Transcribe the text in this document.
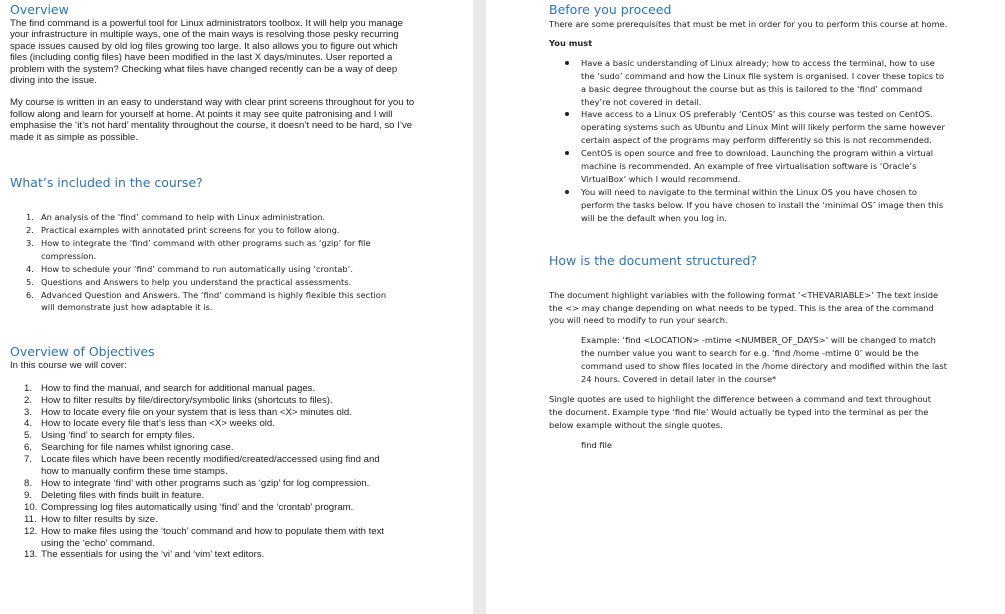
Overview

The find command is a powerful tool for Linux administrators toolbox. It will help you manage your infrastructure in multiple ways, one of the main ways is resolving those pesky recurring space issues caused by old log files growing too large. It also allows you to figure out which files (including config files) have been modified in the last X days/minutes. User reported a problem with the system? Checking what files have changed recently can be a way of deep diving into the issue.

My course is written in an easy to understand way with clear print screens throughout for you to follow along and learn for yourself at home. At points it may see quite patronising and I will emphasise the ‘it’s not hard’ mentality throughout the course, it doesn’t need to be hard, so I’ve made it as simple as possible.

What’s included in the course?
1. An analysis of the ‘find’ command to help with Linux administration.
2. Practical examples with annotated print screens for you to follow along.
3. How to integrate the ‘find’ command with other programs such as ‘gzip’ for file compression.
4. How to schedule your ‘find’ command to run automatically using ‘crontab’.
5. Questions and Answers to help you understand the practical assessments.
6. Advanced Question and Answers. The ‘find’ command is highly flexible this section will demonstrate just how adaptable it is.
Overview of Objectives

In this course we will cover:

1. How to find the manual, and search for additional manual pages.
2. How to filter results by file/directory/symbolic links (shortcuts to files).
3. How to locate every file on your system that is less than <X> minutes old.
4. How to locate every file that’s less than <X> weeks old.
5. Using ‘find’ to search for empty files.
6. Searching for file names whilst ignoring case.
7. Locate files which have been recently modified/created/accessed using find and how to manually confirm these time stamps.
8. How to integrate ‘find’ with other programs such as ‘gzip’ for log compression.
9. Deleting files with finds built in feature.
10. Compressing log files automatically using ‘find’ and the ‘crontab’ program.
11. How to filter results by size.
12. How to make files using the ‘touch’ command and how to populate them with text using the ‘echo’ command.
13. The essentials for using the ‘vi’ and ‘vim’ text editors.
Before you proceed

There are some prerequisites that must be met in order for you to perform this course at home.

You must

Have a basic understanding of Linux already; how to access the terminal, how to use the ‘sudo’ command and how the Linux file system is organised. I cover these topics to a basic degree throughout the course but as this is tailored to the ‘find’ command they’re not covered in detail.
Have access to a Linux OS preferably ‘CentOS’ as this course was tested on CentOS. operating systems such as Ubuntu and Linux Mint will likely perform the same however certain aspect of the programs may perform differently so this is not recommended.
CentOS is open source and free to download. Launching the program within a virtual machine is recommended. An example of free virtualisation software is ‘Oracle’s VirtualBox’ which I would recommend.
You will need to navigate to the terminal within the Linux OS you have chosen to perform the tasks below. If you have chosen to install the ‘minimal OS’ image then this will be the default when you log in.
How is the document structured?

The document highlight variables with the following format ‘<THEVARIABLE>’ The text inside the <> may change depending on what needs to be typed. This is the area of the command you will need to modify to run your search.

Example: ‘find <LOCATION> -mtime <NUMBER_OF_DAYS>’ will be changed to match the number value you want to search for e.g. ‘find /home -mtime 0’ would be the command used to show files located in the /home directory and modified within the last 24 hours. Covered in detail later in the course*

Single quotes are used to highlight the difference between a command and text throughout the document. Example type ‘find file’ Would actually be typed into the terminal as per the below example without the single quotes.

find file
